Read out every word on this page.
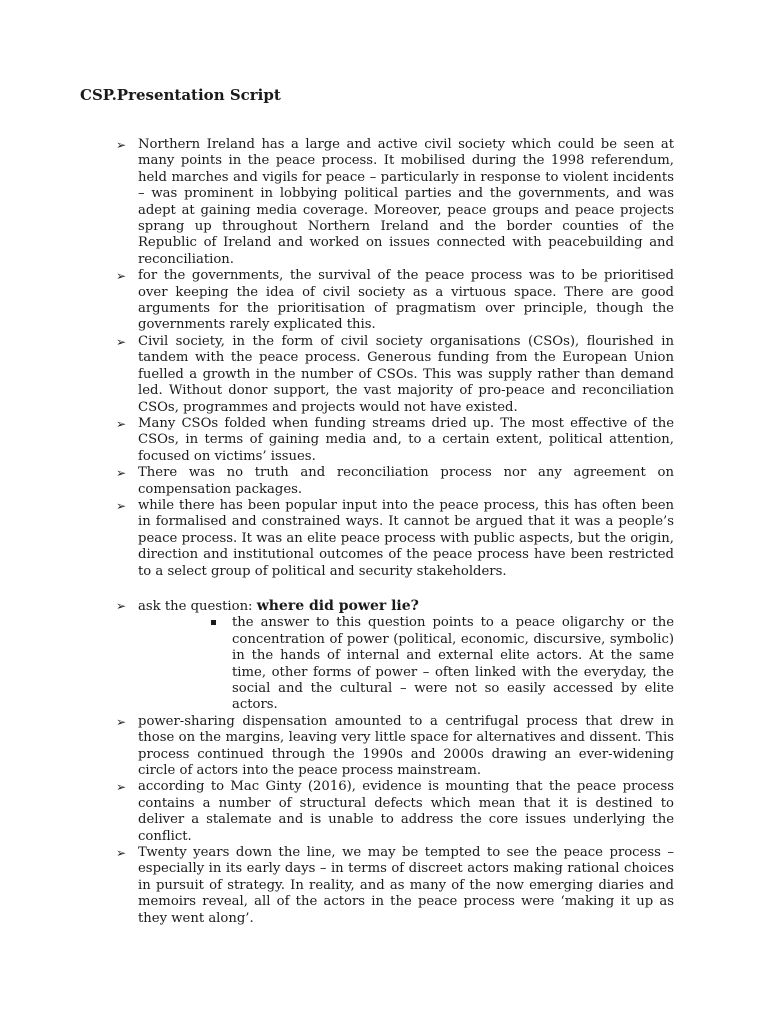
CSP.Presentation Script
➢ Northern Ireland has a large and active civil society which could be seen at many points in the peace process. It mobilised during the 1998 referendum, held marches and vigils for peace – particularly in response to violent incidents – was prominent in lobbying political parties and the governments, and was adept at gaining media coverage. Moreover, peace groups and peace projects sprang up throughout Northern Ireland and the border counties of the Republic of Ireland and worked on issues connected with peacebuilding and reconciliation.
➢ for the governments, the survival of the peace process was to be prioritised over keeping the idea of civil society as a virtuous space. There are good arguments for the prioritisation of pragmatism over principle, though the governments rarely explicated this.
➢ Civil society, in the form of civil society organisations (CSOs), flourished in tandem with the peace process. Generous funding from the European Union fuelled a growth in the number of CSOs. This was supply rather than demand led. Without donor support, the vast majority of pro-peace and reconciliation CSOs, programmes and projects would not have existed.
➢ Many CSOs folded when funding streams dried up. The most effective of the CSOs, in terms of gaining media and, to a certain extent, political attention, focused on victims’ issues.
➢ There was no truth and reconciliation process nor any agreement on compensation packages.
➢ while there has been popular input into the peace process, this has often been in formalised and constrained ways. It cannot be argued that it was a people’s peace process. It was an elite peace process with public aspects, but the origin, direction and institutional outcomes of the peace process have been restricted to a select group of political and security stakeholders.
➢ ask the question: where did power lie?
the answer to this question points to a peace oligarchy or the concentration of power (political, economic, discursive, symbolic) in the hands of internal and external elite actors. At the same time, other forms of power – often linked with the everyday, the social and the cultural – were not so easily accessed by elite actors.
➢ power-sharing dispensation amounted to a centrifugal process that drew in those on the margins, leaving very little space for alternatives and dissent. This process continued through the 1990s and 2000s drawing an ever-widening circle of actors into the peace process mainstream.
➢ according to Mac Ginty (2016), evidence is mounting that the peace process contains a number of structural defects which mean that it is destined to deliver a stalemate and is unable to address the core issues underlying the conflict.
➢ Twenty years down the line, we may be tempted to see the peace process – especially in its early days – in terms of discreet actors making rational choices in pursuit of strategy. In reality, and as many of the now emerging diaries and memoirs reveal, all of the actors in the peace process were ‘making it up as they went along’.
